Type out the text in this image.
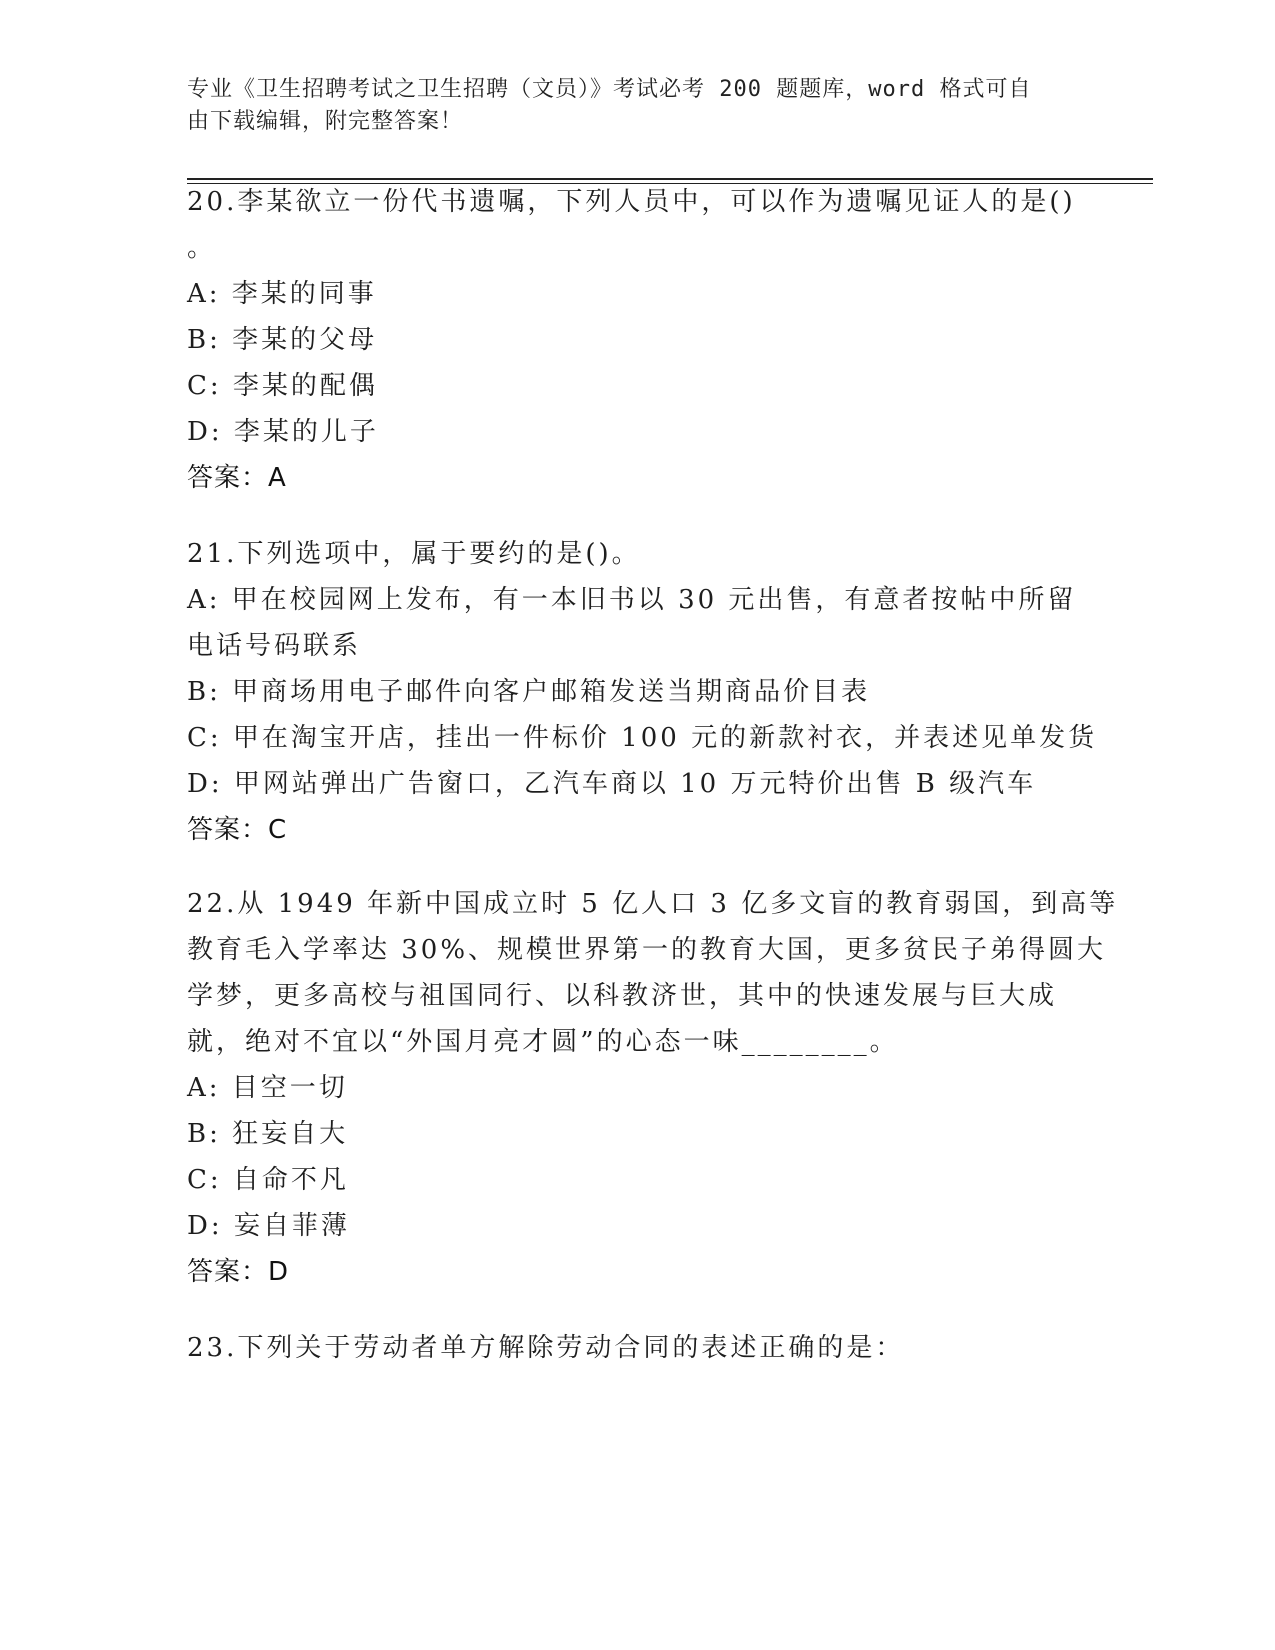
专业《卫生招聘考试之卫生招聘（文员）》考试必考 200 题题库，word 格式可自
由下载编辑，附完整答案！
20.李某欲立一份代书遗嘱，下列人员中，可以作为遗嘱见证人的是()
。
A: 李某的同事
B: 李某的父母
C: 李某的配偶
D: 李某的儿子
答案：A
21.下列选项中，属于要约的是()。
A: 甲在校园网上发布，有一本旧书以 30 元出售，有意者按帖中所留
电话号码联系
B: 甲商场用电子邮件向客户邮箱发送当期商品价目表
C: 甲在淘宝开店，挂出一件标价 100 元的新款衬衣，并表述见单发货
D: 甲网站弹出广告窗口，乙汽车商以 10 万元特价出售 B 级汽车
答案：C
22.从 1949 年新中国成立时 5 亿人口 3 亿多文盲的教育弱国，到高等
教育毛入学率达 30%、规模世界第一的教育大国，更多贫民子弟得圆大
学梦，更多高校与祖国同行、以科教济世，其中的快速发展与巨大成
就，绝对不宜以“外国月亮才圆”的心态一味________。
A: 目空一切
B: 狂妄自大
C: 自命不凡
D: 妄自菲薄
答案：D
23.下列关于劳动者单方解除劳动合同的表述正确的是：
